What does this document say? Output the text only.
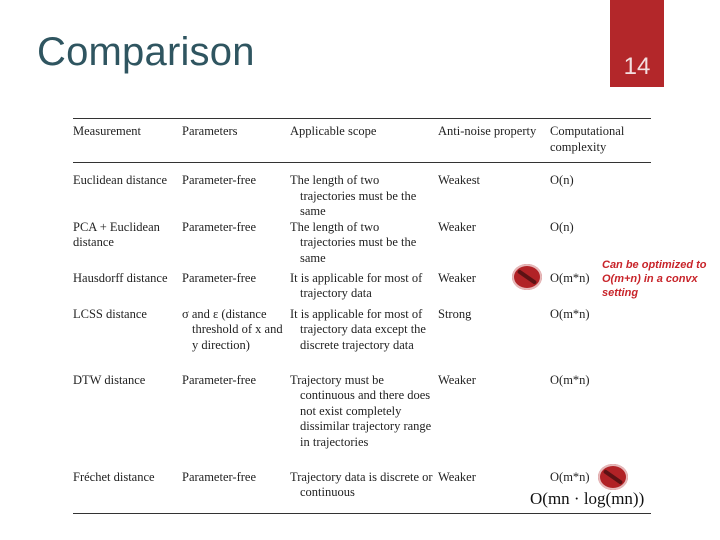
Comparison	14
Measurement	Parameters	Applicable scope	Anti-noise property	Computational complexity
Euclidean distance	Parameter-free	The length of two trajectories must be the same	Weakest	O(n)
PCA + Euclidean distance	Parameter-free	The length of two trajectories must be the same	Weaker	O(n)
Hausdorff distance	Parameter-free	It is applicable for most of trajectory data	Weaker	O(m*n)
LCSS distance	σ and ε (distance threshold of x and y direction)	It is applicable for most of trajectory data except the discrete trajectory data	Strong	O(m*n)
DTW distance	Parameter-free	Trajectory must be continuous and there does not exist completely dissimilar trajectory range in trajectories	Weaker	O(m*n)
Fréchet distance	Parameter-free	Trajectory data is discrete or continuous	Weaker	O(m*n)
Can be optimized to O(m+n) in a convx setting
O(mn · log(mn))
